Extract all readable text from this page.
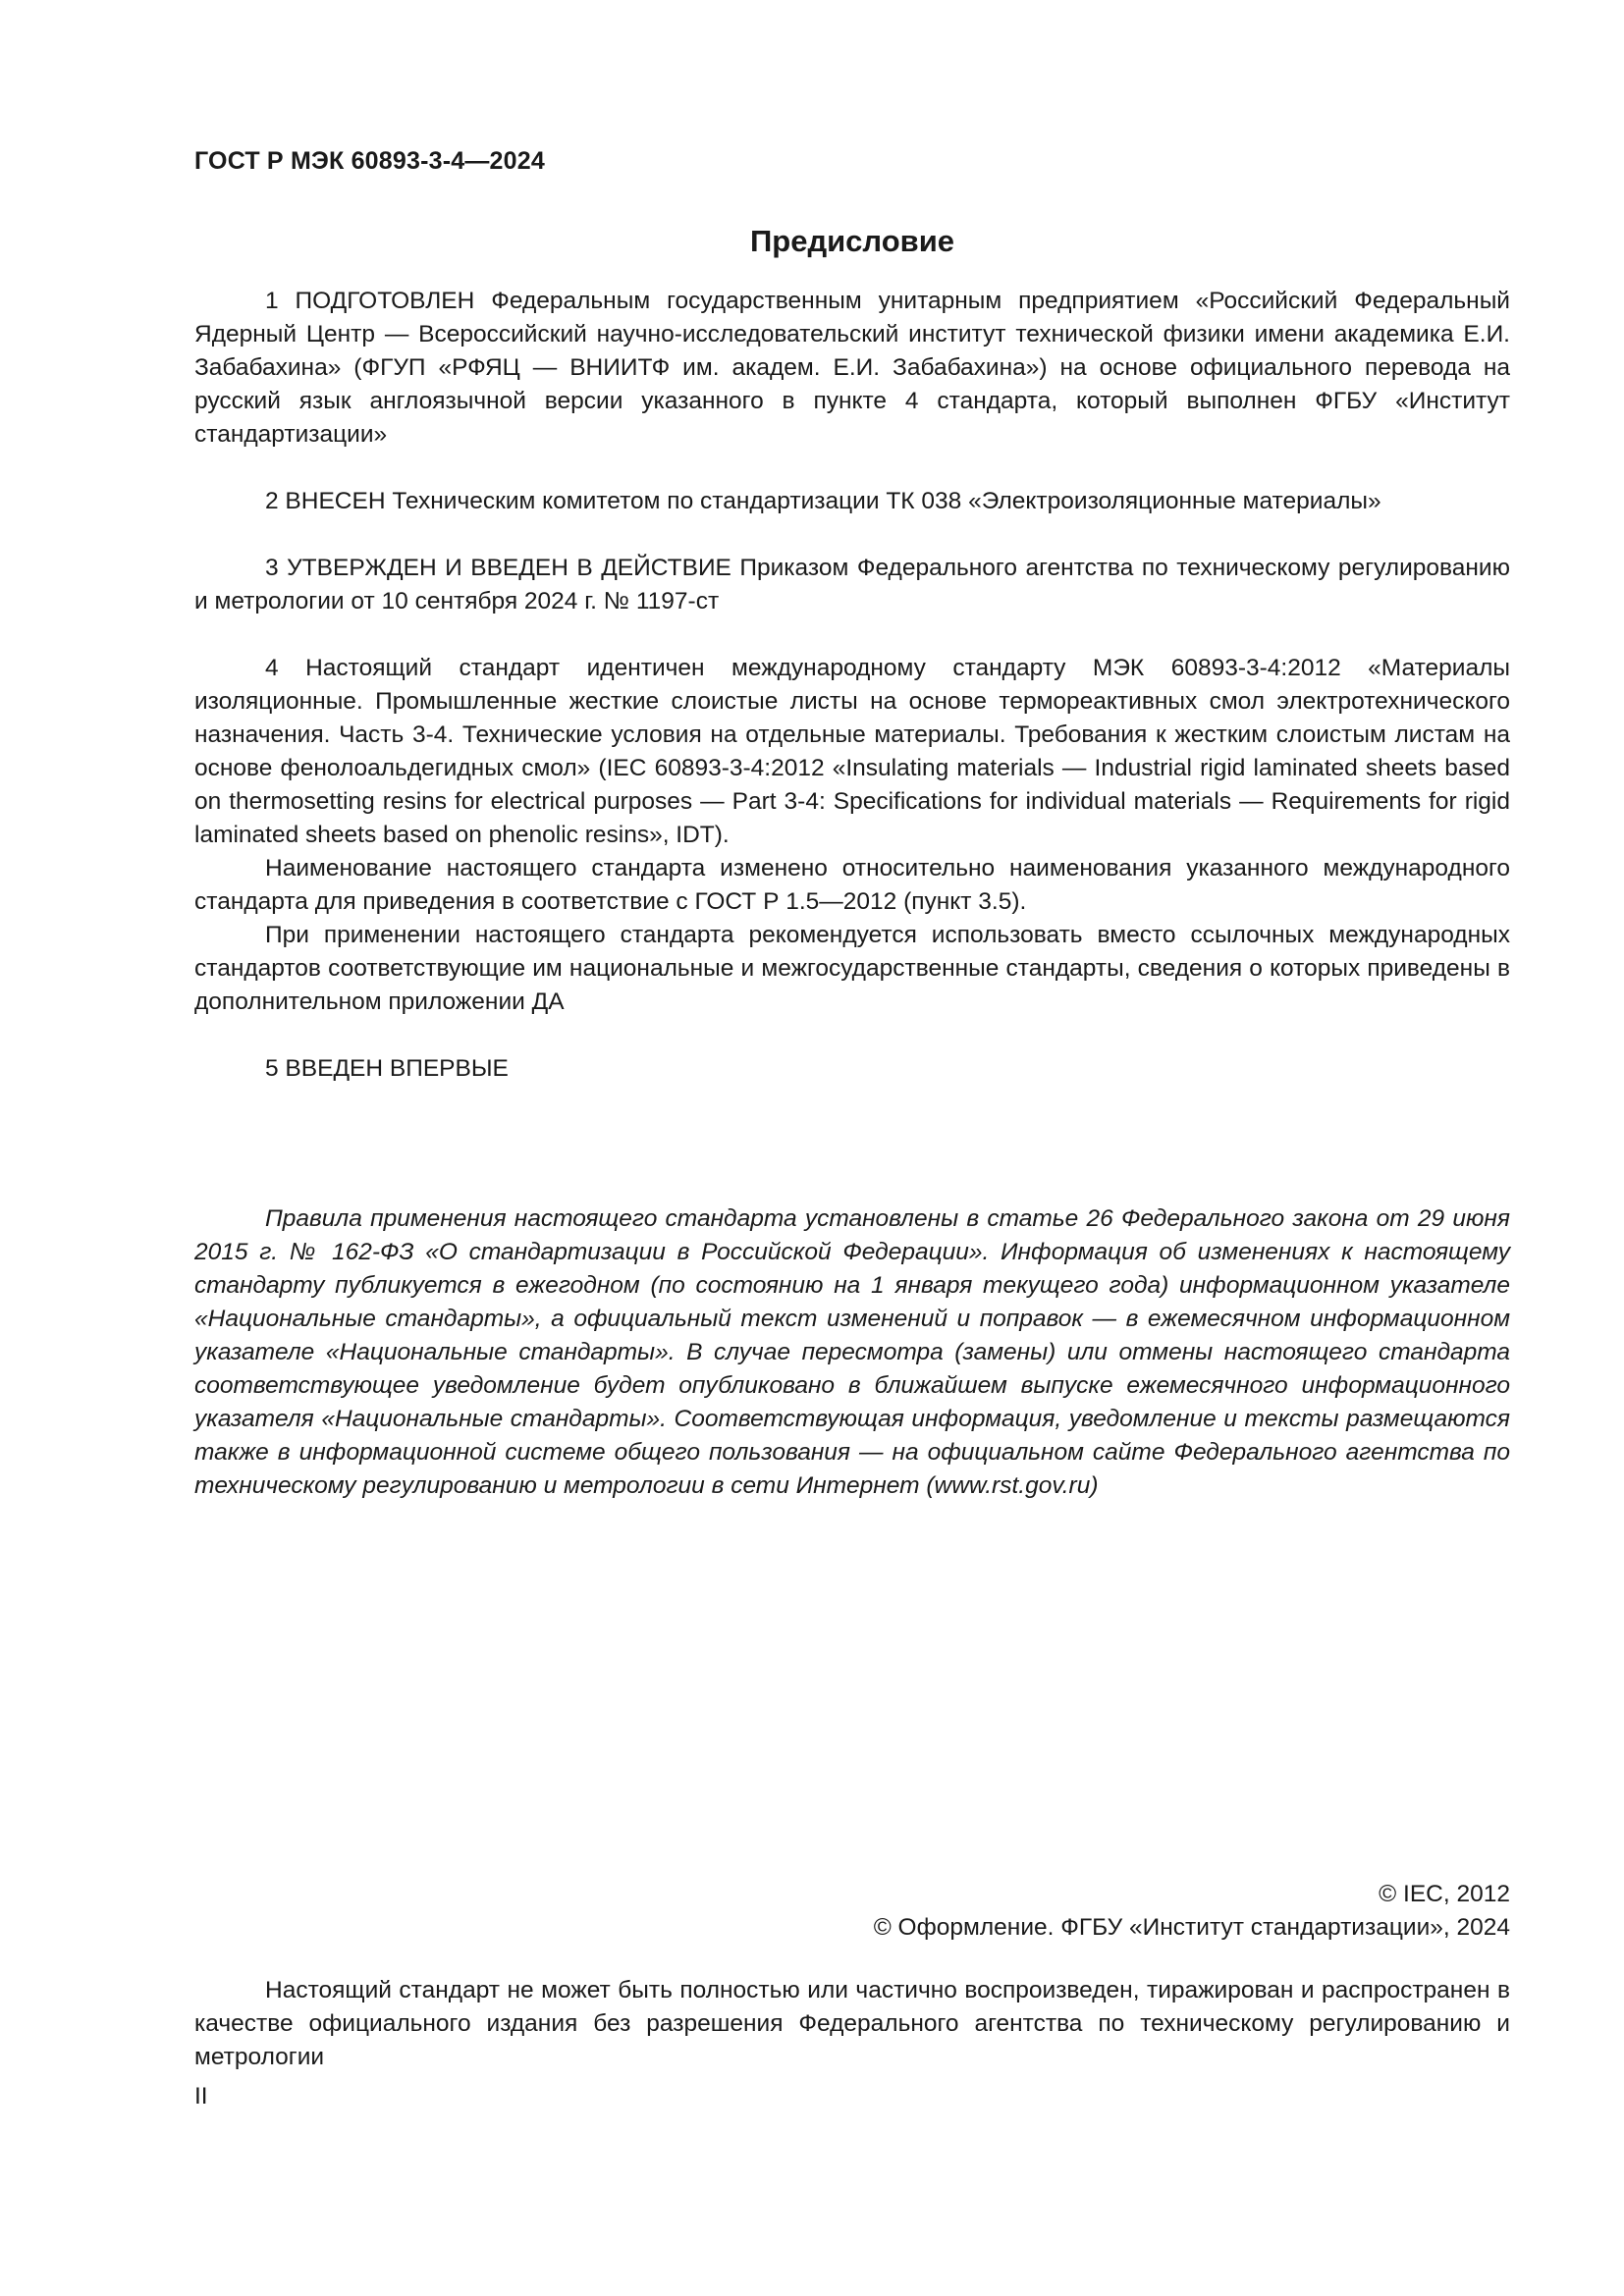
ГОСТ Р МЭК 60893-3-4—2024
Предисловие

1 ПОДГОТОВЛЕН Федеральным государственным унитарным предприятием «Российский Федеральный Ядерный Центр — Всероссийский научно-исследовательский институт технической физики имени академика Е.И. Забабахина» (ФГУП «РФЯЦ — ВНИИТФ им. академ. Е.И. Забабахина») на основе официального перевода на русский язык англоязычной версии указанного в пункте 4 стандарта, который выполнен ФГБУ «Институт стандартизации»

2 ВНЕСЕН Техническим комитетом по стандартизации ТК 038 «Электроизоляционные материалы»

3 УТВЕРЖДЕН И ВВЕДЕН В ДЕЙСТВИЕ Приказом Федерального агентства по техническому регулированию и метрологии от 10 сентября 2024 г. № 1197-ст

4 Настоящий стандарт идентичен международному стандарту МЭК 60893-3-4:2012 «Материалы изоляционные. Промышленные жесткие слоистые листы на основе термореактивных смол электротехнического назначения. Часть 3-4. Технические условия на отдельные материалы. Требования к жестким слоистым листам на основе фенолоальдегидных смол» (IEC 60893-3-4:2012 «Insulating materials — Industrial rigid laminated sheets based on thermosetting resins for electrical purposes — Part 3-4: Specifications for individual materials — Requirements for rigid laminated sheets based on phenolic resins», IDT).

Наименование настоящего стандарта изменено относительно наименования указанного международного стандарта для приведения в соответствие с ГОСТ Р 1.5—2012 (пункт 3.5).

При применении настоящего стандарта рекомендуется использовать вместо ссылочных международных стандартов соответствующие им национальные и межгосударственные стандарты, сведения о которых приведены в дополнительном приложении ДА

5 ВВЕДЕН ВПЕРВЫЕ

Правила применения настоящего стандарта установлены в статье 26 Федерального закона от 29 июня 2015 г. № 162-ФЗ «О стандартизации в Российской Федерации». Информация об изменениях к настоящему стандарту публикуется в ежегодном (по состоянию на 1 января текущего года) информационном указателе «Национальные стандарты», а официальный текст изменений и поправок — в ежемесячном информационном указателе «Национальные стандарты». В случае пересмотра (замены) или отмены настоящего стандарта соответствующее уведомление будет опубликовано в ближайшем выпуске ежемесячного информационного указателя «Национальные стандарты». Соответствующая информация, уведомление и тексты размещаются также в информационной системе общего пользования — на официальном сайте Федерального агентства по техническому регулированию и метрологии в сети Интернет (www.rst.gov.ru)

© IEC, 2012
© Оформление. ФГБУ «Институт стандартизации», 2024

Настоящий стандарт не может быть полностью или частично воспроизведен, тиражирован и распространен в качестве официального издания без разрешения Федерального агентства по техническому регулированию и метрологии

II
